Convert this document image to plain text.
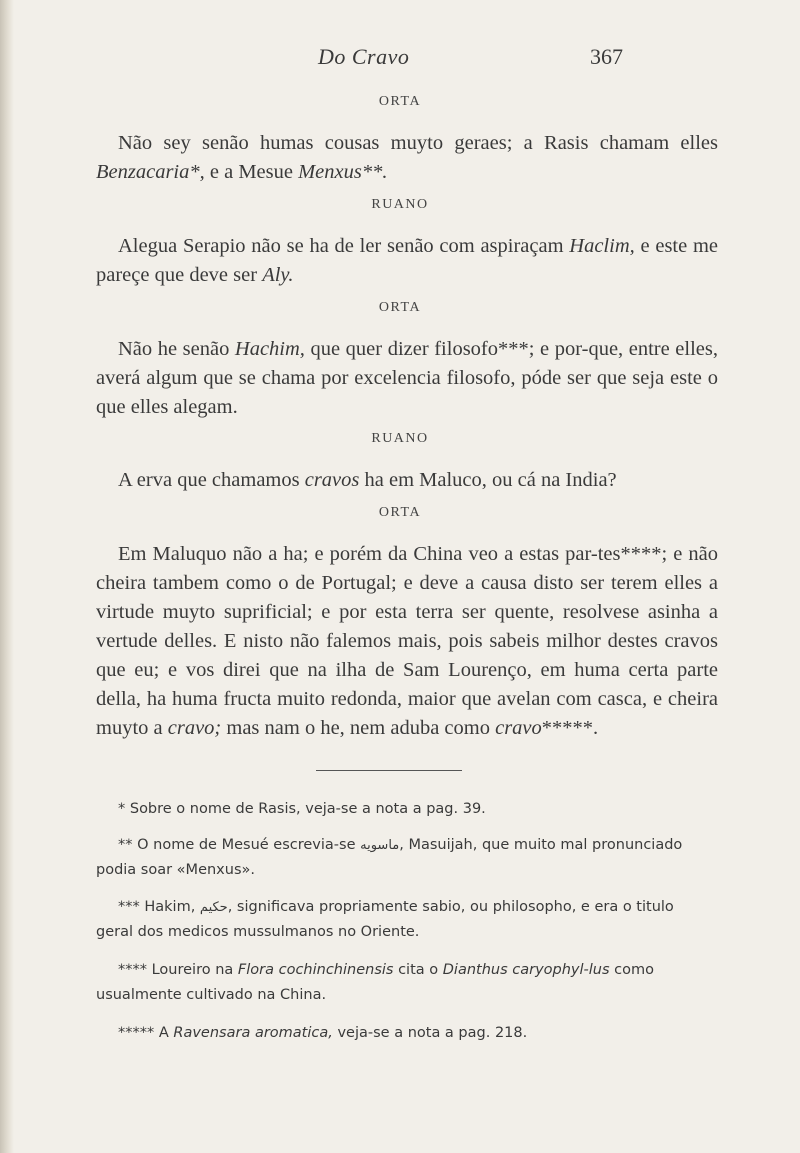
Do Cravo	367
ORTA

Não sey senão humas cousas muyto geraes; a Rasis chamam elles Benzacaria*, e a Mesue Menxus**.

RUANO

Alegua Serapio não se ha de ler senão com aspiraçam Haclim, e este me pareçe que deve ser Aly.

ORTA

Não he senão Hachim, que quer dizer filosofo***; e por-que, entre elles, averá algum que se chama por excelencia filosofo, póde ser que seja este o que elles alegam.

RUANO

A erva que chamamos cravos ha em Maluco, ou cá na India?

ORTA

Em Maluquo não a ha; e porém da China veo a estas par-tes****; e não cheira tambem como o de Portugal; e deve a causa disto ser terem elles a virtude muyto suprificial; e por esta terra ser quente, resolvese asinha a vertude delles. E nisto não falemos mais, pois sabeis milhor destes cravos que eu; e vos direi que na ilha de Sam Lourenço, em huma certa parte della, ha huma fructa muito redonda, maior que avelan com casca, e cheira muyto a cravo; mas nam o he, nem aduba como cravo*****.

* Sobre o nome de Rasis, veja-se a nota a pag. 39.

** O nome de Mesué escrevia-se ماسويه, Masuijah, que muito mal pronunciado podia soar «Menxus».

*** Hakim, حكيم, significava propriamente sabio, ou philosopho, e era o titulo geral dos medicos mussulmanos no Oriente.

**** Loureiro na Flora cochinchinensis cita o Dianthus caryophyl-lus como usualmente cultivado na China.

***** A Ravensara aromatica, veja-se a nota a pag. 218.
